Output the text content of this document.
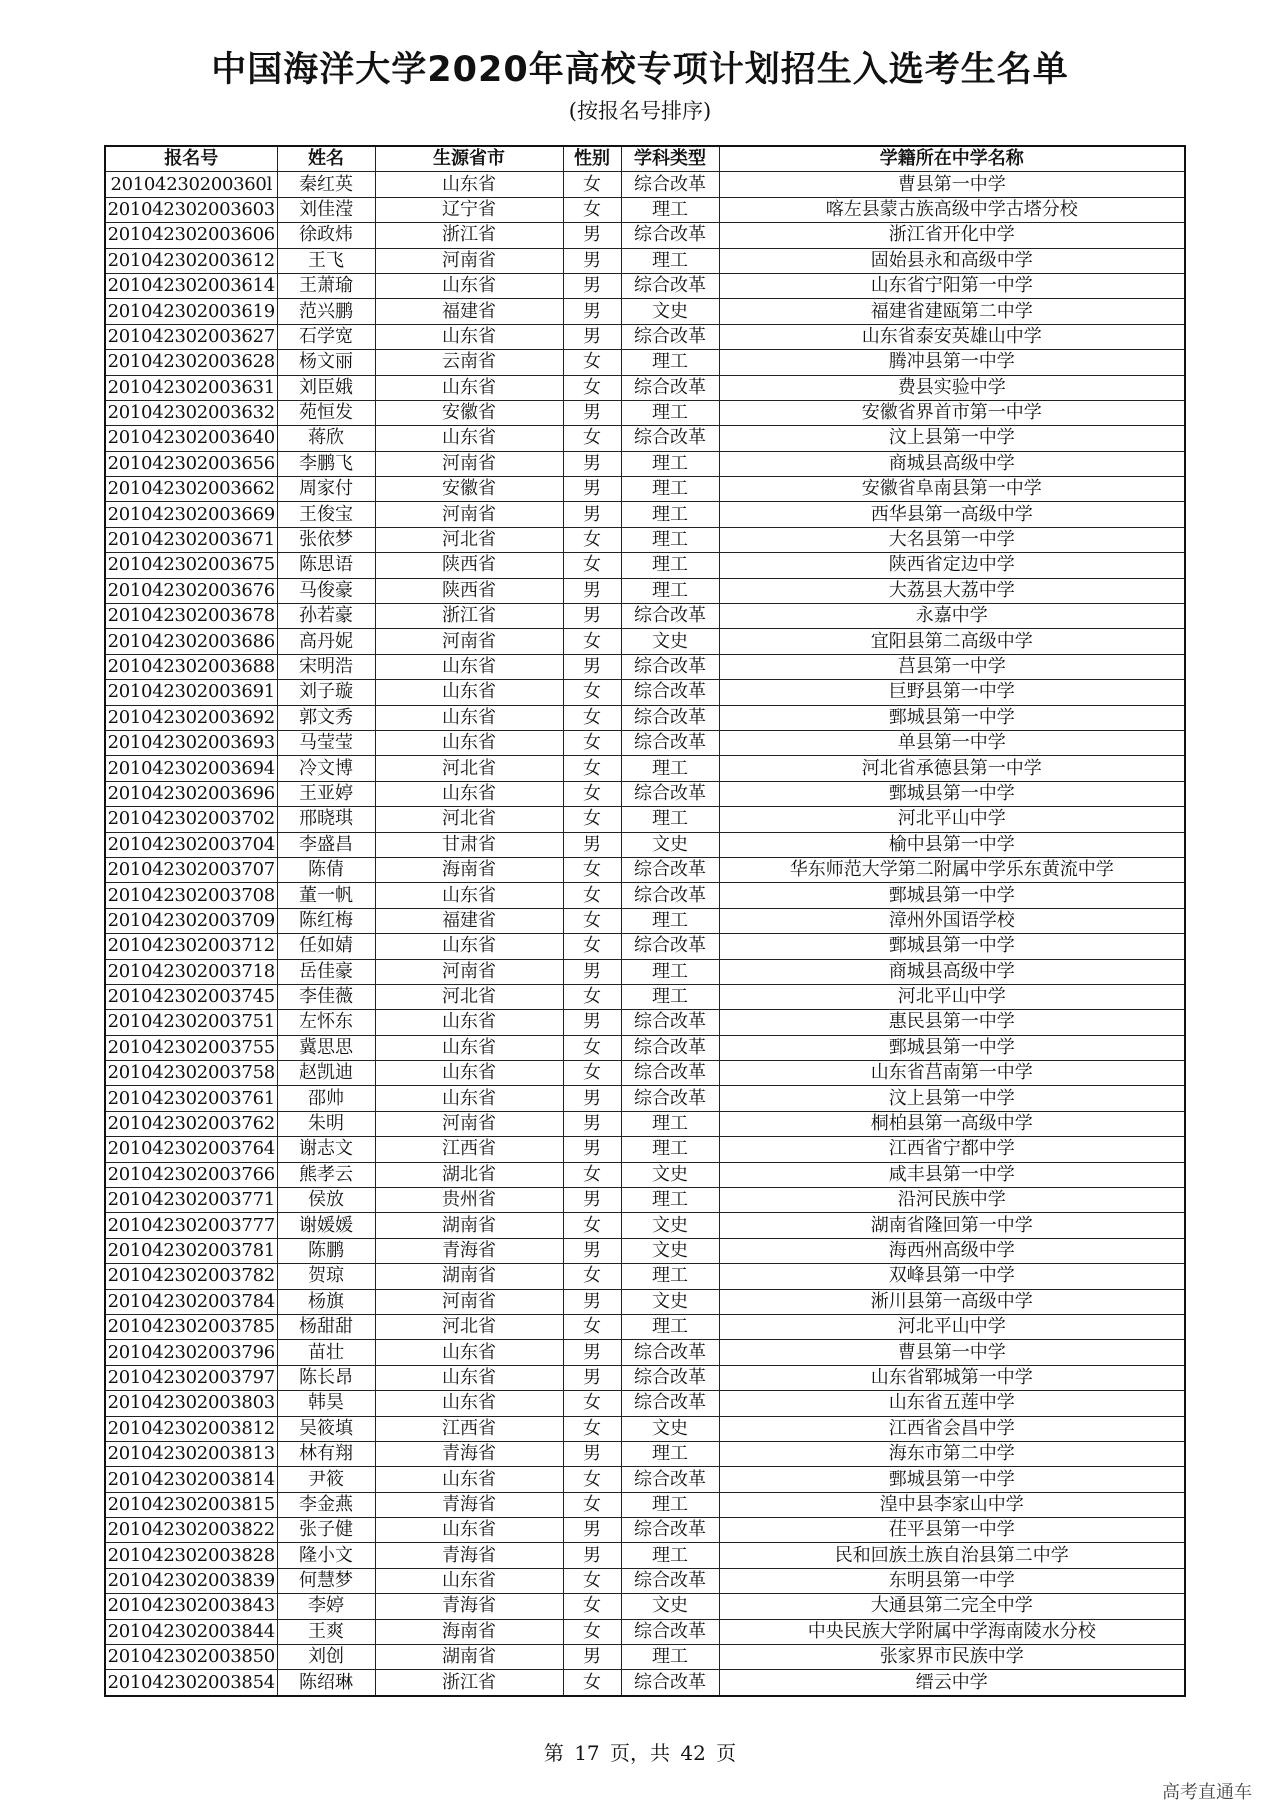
中国海洋大学2020年高校专项计划招生入选考生名单
(按报名号排序)
报名号	姓名	生源省市	性别	学科类型	学籍所在中学名称
20104230200360l	秦红英	山东省	女	综合改革	曹县第一中学
201042302003603	刘佳滢	辽宁省	女	理工	喀左县蒙古族高级中学古塔分校
201042302003606	徐政炜	浙江省	男	综合改革	浙江省开化中学
201042302003612	王飞	河南省	男	理工	固始县永和高级中学
201042302003614	王萧瑜	山东省	男	综合改革	山东省宁阳第一中学
201042302003619	范兴鹏	福建省	男	文史	福建省建瓯第二中学
201042302003627	石学宽	山东省	男	综合改革	山东省泰安英雄山中学
201042302003628	杨文丽	云南省	女	理工	腾冲县第一中学
201042302003631	刘臣娥	山东省	女	综合改革	费县实验中学
201042302003632	苑恒发	安徽省	男	理工	安徽省界首市第一中学
201042302003640	蒋欣	山东省	女	综合改革	汶上县第一中学
201042302003656	李鹏飞	河南省	男	理工	商城县高级中学
201042302003662	周家付	安徽省	男	理工	安徽省阜南县第一中学
201042302003669	王俊宝	河南省	男	理工	西华县第一高级中学
201042302003671	张依梦	河北省	女	理工	大名县第一中学
201042302003675	陈思语	陕西省	女	理工	陕西省定边中学
201042302003676	马俊豪	陕西省	男	理工	大荔县大荔中学
201042302003678	孙若豪	浙江省	男	综合改革	永嘉中学
201042302003686	高丹妮	河南省	女	文史	宜阳县第二高级中学
201042302003688	宋明浩	山东省	男	综合改革	莒县第一中学
201042302003691	刘子璇	山东省	女	综合改革	巨野县第一中学
201042302003692	郭文秀	山东省	女	综合改革	鄄城县第一中学
201042302003693	马莹莹	山东省	女	综合改革	单县第一中学
201042302003694	冷文博	河北省	女	理工	河北省承德县第一中学
201042302003696	王亚婷	山东省	女	综合改革	鄄城县第一中学
201042302003702	邢晓琪	河北省	女	理工	河北平山中学
201042302003704	李盛昌	甘肃省	男	文史	榆中县第一中学
201042302003707	陈倩	海南省	女	综合改革	华东师范大学第二附属中学乐东黄流中学
201042302003708	董一帆	山东省	女	综合改革	鄄城县第一中学
201042302003709	陈红梅	福建省	女	理工	漳州外国语学校
201042302003712	任如婧	山东省	女	综合改革	鄄城县第一中学
201042302003718	岳佳豪	河南省	男	理工	商城县高级中学
201042302003745	李佳薇	河北省	女	理工	河北平山中学
201042302003751	左怀东	山东省	男	综合改革	惠民县第一中学
201042302003755	冀思思	山东省	女	综合改革	鄄城县第一中学
201042302003758	赵凯迪	山东省	女	综合改革	山东省莒南第一中学
201042302003761	邵帅	山东省	男	综合改革	汶上县第一中学
201042302003762	朱明	河南省	男	理工	桐柏县第一高级中学
201042302003764	谢志文	江西省	男	理工	江西省宁都中学
201042302003766	熊孝云	湖北省	女	文史	咸丰县第一中学
201042302003771	侯放	贵州省	男	理工	沿河民族中学
201042302003777	谢媛媛	湖南省	女	文史	湖南省隆回第一中学
201042302003781	陈鹏	青海省	男	文史	海西州高级中学
201042302003782	贺琼	湖南省	女	理工	双峰县第一中学
201042302003784	杨旗	河南省	男	文史	淅川县第一高级中学
201042302003785	杨甜甜	河北省	女	理工	河北平山中学
201042302003796	苗壮	山东省	男	综合改革	曹县第一中学
201042302003797	陈长昂	山东省	男	综合改革	山东省郓城第一中学
201042302003803	韩昊	山东省	女	综合改革	山东省五莲中学
201042302003812	吴筱填	江西省	女	文史	江西省会昌中学
201042302003813	林有翔	青海省	男	理工	海东市第二中学
201042302003814	尹筱	山东省	女	综合改革	鄄城县第一中学
201042302003815	李金燕	青海省	女	理工	湟中县李家山中学
201042302003822	张子健	山东省	男	综合改革	茌平县第一中学
201042302003828	隆小文	青海省	男	理工	民和回族土族自治县第二中学
201042302003839	何慧梦	山东省	女	综合改革	东明县第一中学
201042302003843	李婷	青海省	女	文史	大通县第二完全中学
201042302003844	王爽	海南省	女	综合改革	中央民族大学附属中学海南陵水分校
201042302003850	刘创	湖南省	男	理工	张家界市民族中学
201042302003854	陈绍琳	浙江省	女	综合改革	缙云中学
第 17 页，共 42 页
高考直通车
